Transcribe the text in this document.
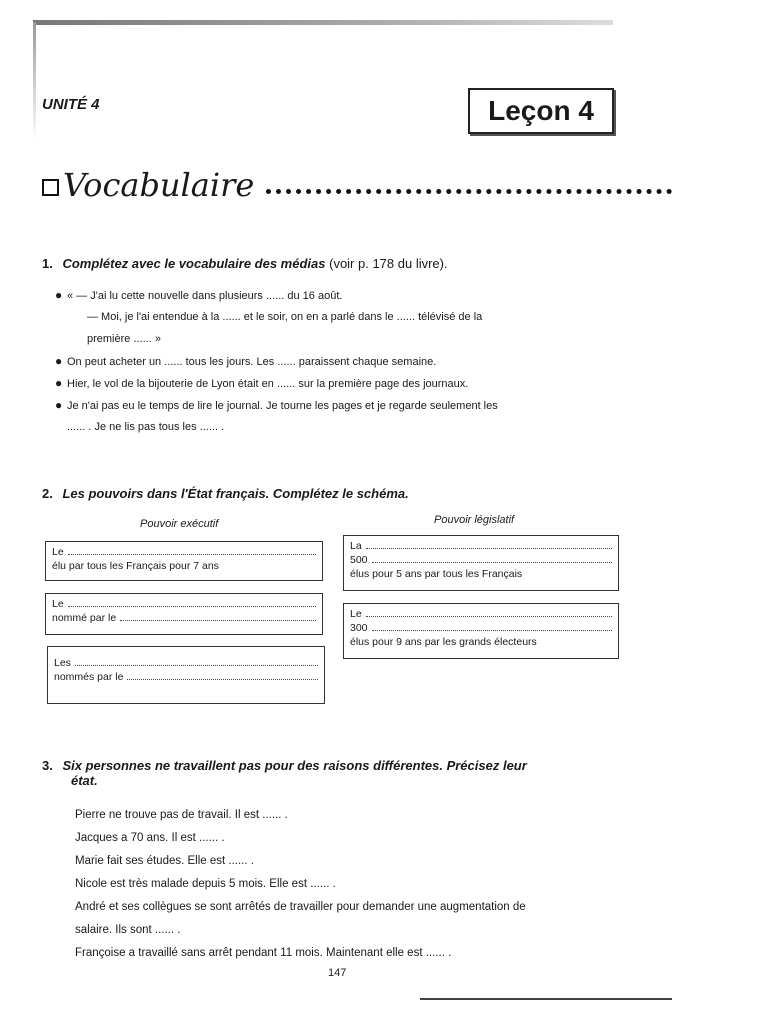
UNITÉ 4	Leçon 4
Vocabulaire
1. Complétez avec le vocabulaire des médias (voir p. 178 du livre).
● « — J'ai lu cette nouvelle dans plusieurs ...... du 16 août.
— Moi, je l'ai entendue à la ...... et le soir, on en a parlé dans le ...... télévisé de la
première ...... »
● On peut acheter un ...... tous les jours. Les ...... paraissent chaque semaine.
● Hier, le vol de la bijouterie de Lyon était en ...... sur la première page des journaux.
● Je n'ai pas eu le temps de lire le journal. Je tourne les pages et je regarde seulement les
...... . Je ne lis pas tous les ...... .
2. Les pouvoirs dans l'État français. Complétez le schéma.
Pouvoir exécutif	Pouvoir législatif
Le
élu par tous les Français pour 7 ans
Le
nommé par le
Les
nommés par le
La
500
élus pour 5 ans par tous les Français
Le
300
élus pour 9 ans par les grands électeurs
3. Six personnes ne travaillent pas pour des raisons différentes. Précisez leur
état.
Pierre ne trouve pas de travail. Il est ...... .
Jacques a 70 ans. Il est ...... .
Marie fait ses études. Elle est ...... .
Nicole est très malade depuis 5 mois. Elle est ...... .
André et ses collègues se sont arrêtés de travailler pour demander une augmentation de
salaire. Ils sont ...... .
Françoise a travaillé sans arrêt pendant 11 mois. Maintenant elle est ...... .
147
